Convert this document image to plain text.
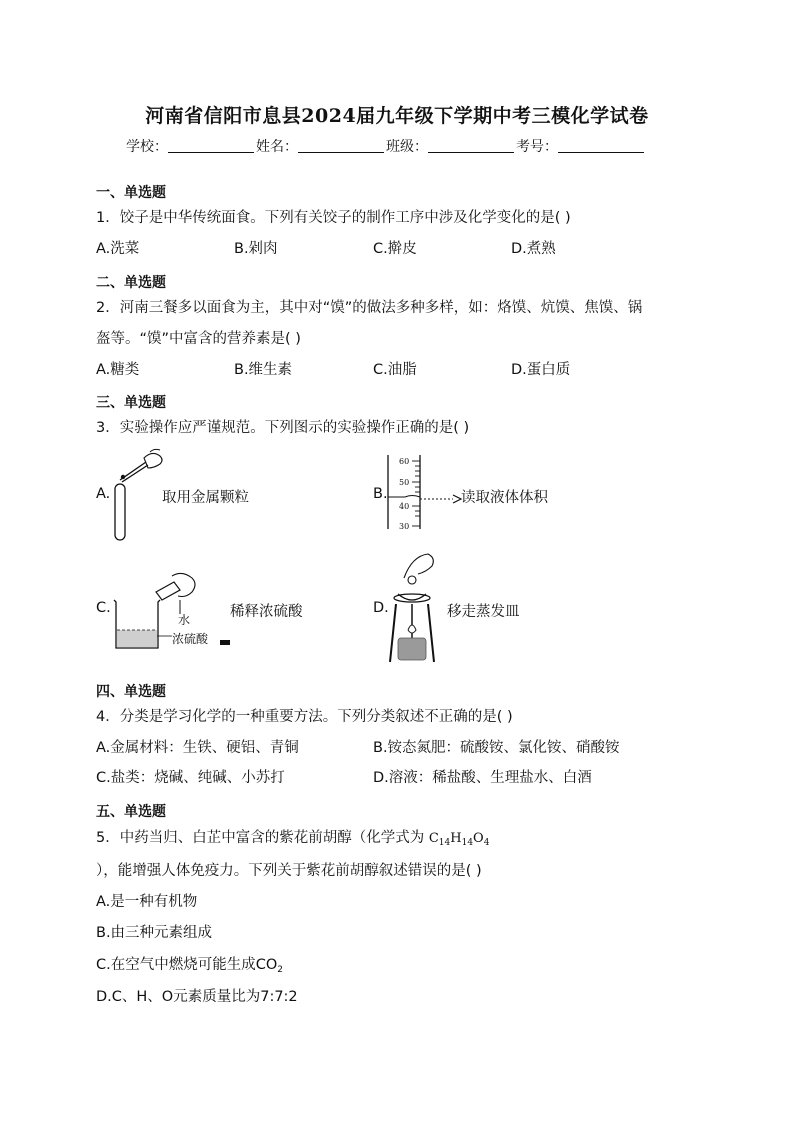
河南省信阳市息县2024届九年级下学期中考三模化学试卷
学校：	姓名：	班级：	考号：
一、单选题
1．饺子是中华传统面食。下列有关饺子的制作工序中涉及化学变化的是( )
A.洗菜	B.剁肉	C.擀皮	D.煮熟
二、单选题
2．河南三餐多以面食为主，其中对“馍”的做法多种多样，如：烙馍、炕馍、焦馍、锅
盔等。“馍”中富含的营养素是( )
A.糖类	B.维生素	C.油脂	D.蛋白质
三、单选题
3．实验操作应严谨规范。下列图示的实验操作正确的是( )
A.	取用金属颗粒	B.
60
50
40
30
读取液体体积
C.
水
浓硫酸
稀释浓硫酸	D.	移走蒸发皿
四、单选题
4．分类是学习化学的一种重要方法。下列分类叙述不正确的是( )
A.金属材料：生铁、硬铝、青铜	B.铵态氮肥：硫酸铵、氯化铵、硝酸铵
C.盐类：烧碱、纯碱、小苏打	D.溶液：稀盐酸、生理盐水、白酒
五、单选题
5．中药当归、白芷中富含的紫花前胡醇（化学式为 $C_{14}H_{14}O_4$
），能增强人体免疫力。下列关于紫花前胡醇叙述错误的是( )
A.是一种有机物
B.由三种元素组成
C.在空气中燃烧可能生成$CO_2$
D.C、H、O元素质量比为7:7:2
